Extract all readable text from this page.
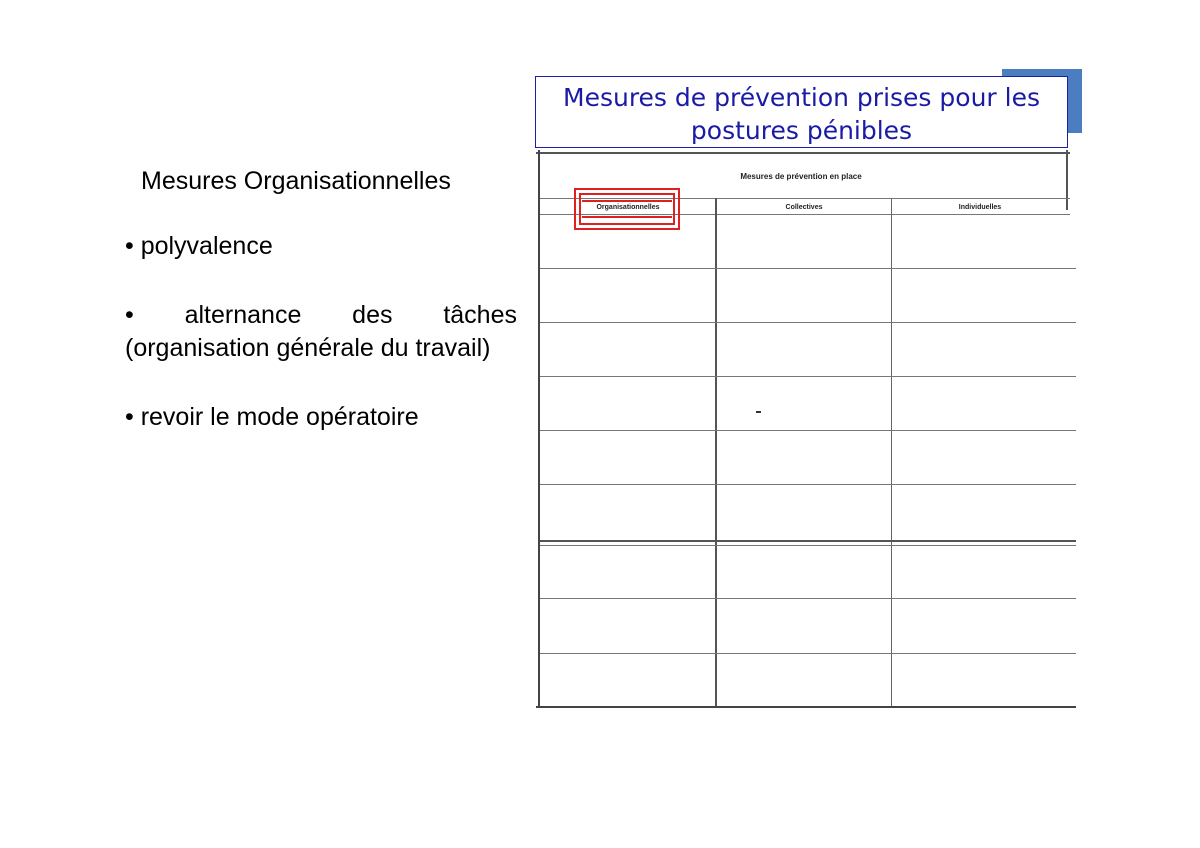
Mesures de prévention prises pour les postures pénibles
Mesures Organisationnelles
• polyvalence
• alternance des tâches (organisation générale du travail)
• revoir le mode opératoire
Mesures de prévention en place
Organisationnelles	Collectives	Individuelles
